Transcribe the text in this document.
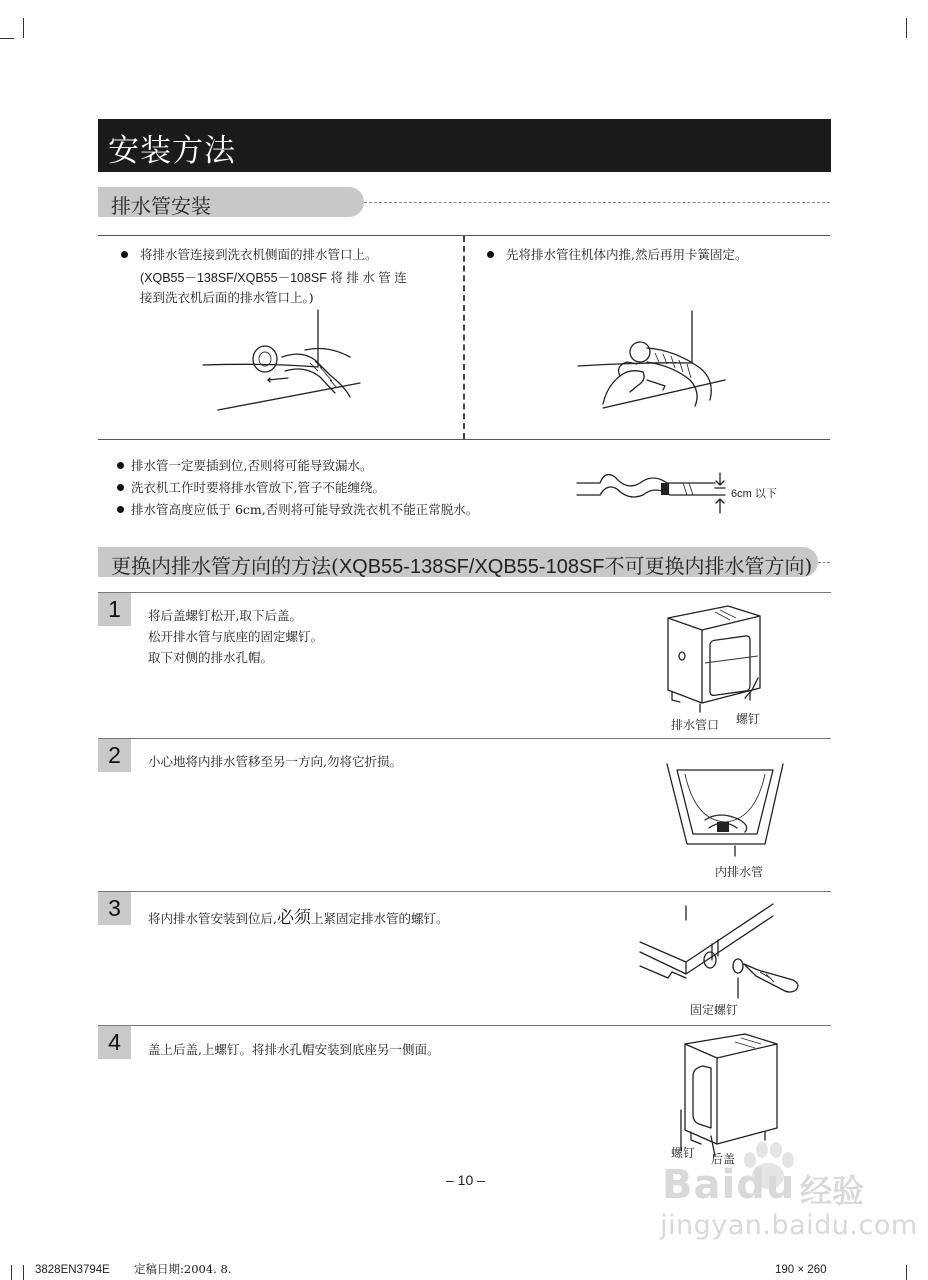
安装方法
排水管安装
将排水管连接到洗衣机侧面的排水管口上。
(XQB55－138SF/XQB55－108SF 将 排 水 管 连
接到洗衣机后面的排水管口上。)
先将排水管往机体内推,然后再用卡簧固定。
排水管一定要插到位,否则将可能导致漏水。
洗衣机工作时要将排水管放下,管子不能缠绕。
排水管高度应低于 6cm,否则将可能导致洗衣机不能正常脱水。
6cm 以下
更换内排水管方向的方法(XQB55-138SF/XQB55-108SF不可更换内排水管方向)
1	将后盖螺钉松开,取下后盖。
松开排水管与底座的固定螺钉。
取下对侧的排水孔帽。
排水管口 螺钉
2	小心地将内排水管移至另一方向,勿将它折损。
内排水管
3	将内排水管安装到位后,必须上紧固定排水管的螺钉。
固定螺钉
4	盖上后盖,上螺钉。将排水孔帽安装到底座另一侧面。
螺钉 后盖
– 10 –	Baidu 经验
jingyan.baidu.com
3828EN3794E 定稿日期:2004. 8.	190 × 260
